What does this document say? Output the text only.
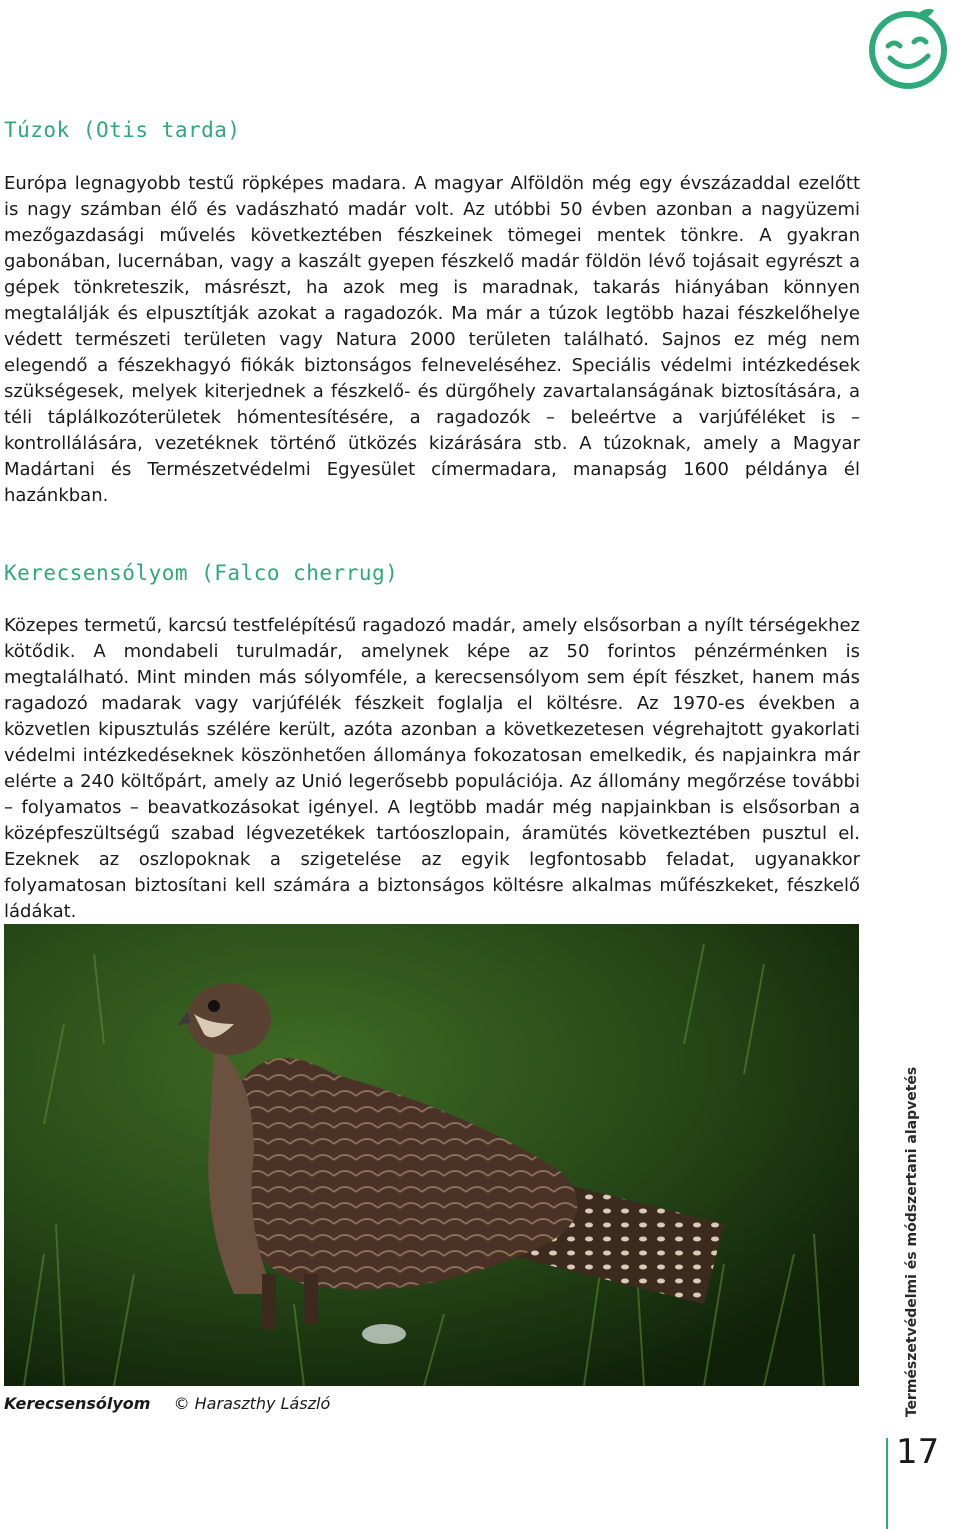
Túzok (Otis tarda)

Európa legnagyobb testű röpképes madara. A magyar Alföldön még egy évszázaddal ezelőtt is nagy számban élő és vadászható madár volt. Az utóbbi 50 évben azonban a nagyüzemi mezőgazdasági művelés következtében fészkeinek tömegei mentek tönkre. A gyakran gabonában, lucernában, vagy a kaszált gyepen fészkelő madár földön lévő tojásait egyrészt a gépek tönkreteszik, másrészt, ha azok meg is maradnak, takarás hiányában könnyen megtalálják és elpusztítják azokat a ragadozók. Ma már a túzok legtöbb hazai fészkelőhelye védett természeti területen vagy Natura 2000 területen található. Sajnos ez még nem elegendő a fészekhagyó fiókák biztonságos felneveléséhez. Speciális védelmi intézkedések szükségesek, melyek kiterjednek a fészkelő- és dürgőhely zavartalanságának biztosítására, a téli táplálkozóterületek hómentesítésére, a ragadozók – beleértve a varjúféléket is – kontrollálására, vezetéknek történő ütközés kizárására stb. A túzoknak, amely a Magyar Madártani és Természetvédelmi Egyesület címermadara, manapság 1600 példánya él hazánkban.

Kerecsensólyom (Falco cherrug)

Közepes termetű, karcsú testfelépítésű ragadozó madár, amely elsősorban a nyílt térségekhez kötődik. A mondabeli turulmadár, amelynek képe az 50 forintos pénzérménken is megtalálható. Mint minden más sólyomféle, a kerecsensólyom sem épít fészket, hanem más ragadozó madarak vagy varjúfélék fészkeit foglalja el költésre. Az 1970-es években a közvetlen kipusztulás szélére került, azóta azonban a következetesen végrehajtott gyakorlati védelmi intézkedéseknek köszönhetően állománya fokozatosan emelkedik, és napjainkra már elérte a 240 költőpárt, amely az Unió legerősebb populációja. Az állomány megőrzése további – folyamatos – beavatkozásokat igényel. A legtöbb madár még napjainkban is elsősorban a középfeszültségű szabad légvezetékek tartóoszlopain, áramütés következtében pusztul el. Ezeknek az oszlopoknak a szigetelése az egyik legfontosabb feladat, ugyanakkor folyamatosan biztosítani kell számára a biztonságos költésre alkalmas műfészkeket, fészkelő ládákat.

Kerecsensólyom © Haraszthy László	Természetvédelmi és módszertani alapvetés
17
